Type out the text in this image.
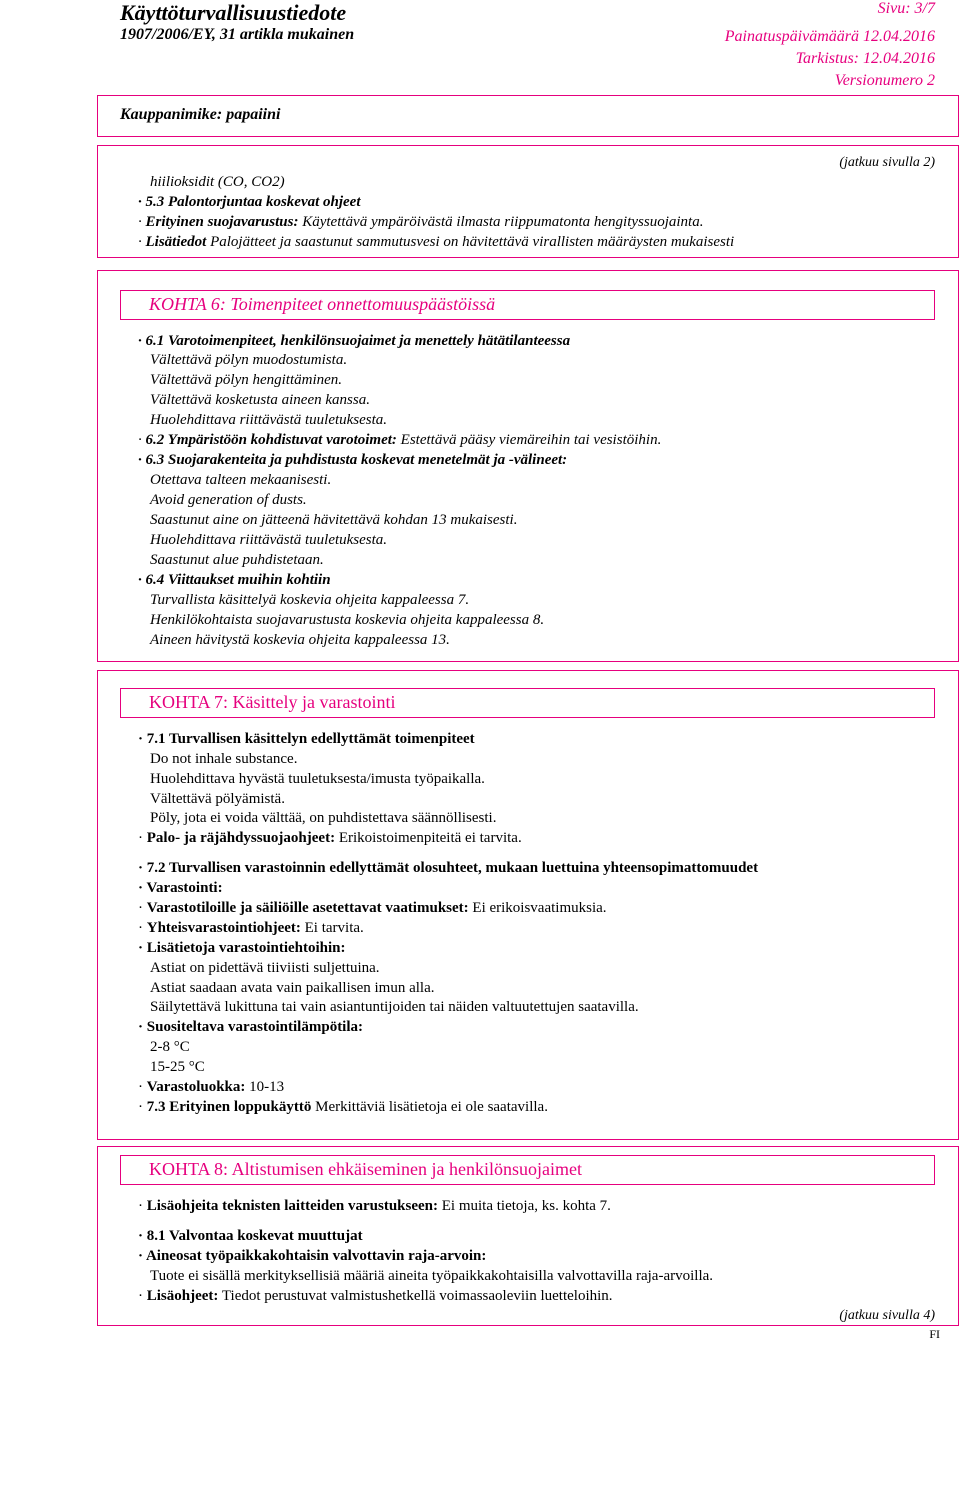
Käyttöturvallisuustiedote
1907/2006/EY, 31 artikla mukainen
Sivu: 3/7
Painatuspäivämäärä 12.04.2016
Tarkistus: 12.04.2016
Versionumero 2
Kauppanimike: papaiini
(jatkuu sivulla 2)
hiilioksidit (CO, CO2)
· 5.3 Palontorjuntaa koskevat ohjeet
· Erityinen suojavarustus: Käytettävä ympäröivästä ilmasta riippumatonta hengityssuojainta.
· Lisätiedot Palojätteet ja saastunut sammutusvesi on hävitettävä virallisten määräysten mukaisesti
KOHTA 6: Toimenpiteet onnettomuuspäästöissä
· 6.1 Varotoimenpiteet, henkilönsuojaimet ja menettely hätätilanteessa
Vältettävä pölyn muodostumista.
Vältettävä pölyn hengittäminen.
Vältettävä kosketusta aineen kanssa.
Huolehdittava riittävästä tuuletuksesta.
· 6.2 Ympäristöön kohdistuvat varotoimet: Estettävä pääsy viemäreihin tai vesistöihin.
· 6.3 Suojarakenteita ja puhdistusta koskevat menetelmät ja -välineet:
Otettava talteen mekaanisesti.
Avoid generation of dusts.
Saastunut aine on jätteenä hävitettävä kohdan 13 mukaisesti.
Huolehdittava riittävästä tuuletuksesta.
Saastunut alue puhdistetaan.
· 6.4 Viittaukset muihin kohtiin
Turvallista käsittelyä koskevia ohjeita kappaleessa 7.
Henkilökohtaista suojavarustusta koskevia ohjeita kappaleessa 8.
Aineen hävitystä koskevia ohjeita kappaleessa 13.
KOHTA 7: Käsittely ja varastointi
· 7.1 Turvallisen käsittelyn edellyttämät toimenpiteet
Do not inhale substance.
Huolehdittava hyvästä tuuletuksesta/imusta työpaikalla.
Vältettävä pölyämistä.
Pöly, jota ei voida välttää, on puhdistettava säännöllisesti.
· Palo- ja räjähdyssuojaohjeet: Erikoistoimenpiteitä ei tarvita.
· 7.2 Turvallisen varastoinnin edellyttämät olosuhteet, mukaan luettuina yhteensopimattomuudet
· Varastointi:
· Varastotiloille ja säiliöille asetettavat vaatimukset: Ei erikoisvaatimuksia.
· Yhteisvarastointiohjeet: Ei tarvita.
· Lisätietoja varastointiehtoihin:
Astiat on pidettävä tiiviisti suljettuina.
Astiat saadaan avata vain paikallisen imun alla.
Säilytettävä lukittuna tai vain asiantuntijoiden tai näiden valtuutettujen saatavilla.
· Suositeltava varastointilämpötila:
2-8 °C
15-25 °C
· Varastoluokka: 10-13
· 7.3 Erityinen loppukäyttö Merkittäviä lisätietoja ei ole saatavilla.
KOHTA 8: Altistumisen ehkäiseminen ja henkilönsuojaimet
· Lisäohjeita teknisten laitteiden varustukseen: Ei muita tietoja, ks. kohta 7.
· 8.1 Valvontaa koskevat muuttujat
· Aineosat työpaikkakohtaisin valvottavin raja-arvoin:
Tuote ei sisällä merkityksellisiä määriä aineita työpaikkakohtaisilla valvottavilla raja-arvoilla.
· Lisäohjeet: Tiedot perustuvat valmistushetkellä voimassaoleviin luetteloihin.
(jatkuu sivulla 4)
FI
